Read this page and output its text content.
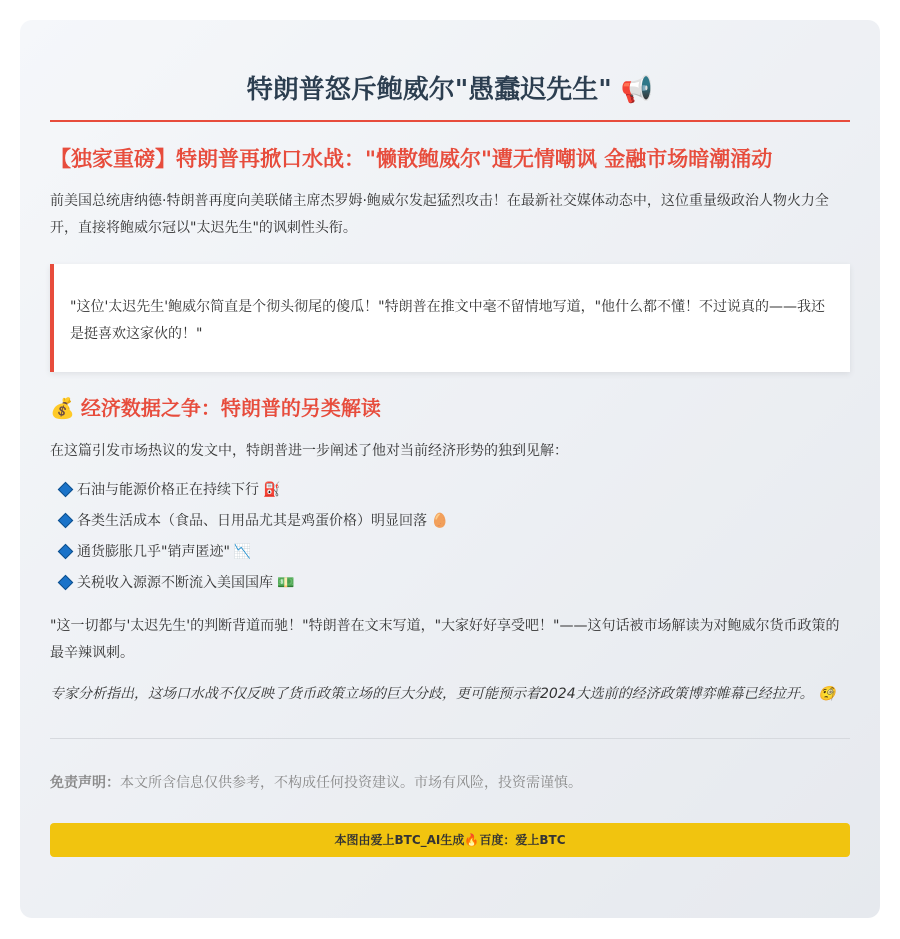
特朗普怒斥鲍威尔"愚蠢迟先生" 📢
【独家重磅】特朗普再掀口水战："懒散鲍威尔"遭无情嘲讽 金融市场暗潮涌动

前美国总统唐纳德·特朗普再度向美联储主席杰罗姆·鲍威尔发起猛烈攻击！在最新社交媒体动态中，这位重量级政治人物火力全开，直接将鲍威尔冠以"太迟先生"的讽刺性头衔。

"这位'太迟先生'鲍威尔简直是个彻头彻尾的傻瓜！"特朗普在推文中毫不留情地写道，"他什么都不懂！不过说真的——我还是挺喜欢这家伙的！"
💰 经济数据之争：特朗普的另类解读

在这篇引发市场热议的发文中，特朗普进一步阐述了他对当前经济形势的独到见解：

石油与能源价格正在持续下行 ⛽
各类生活成本（食品、日用品尤其是鸡蛋价格）明显回落 🥚
通货膨胀几乎"销声匿迹" 📉
关税收入源源不断流入美国国库 💵

"这一切都与'太迟先生'的判断背道而驰！"特朗普在文末写道，"大家好好享受吧！"——这句话被市场解读为对鲍威尔货币政策的最辛辣讽刺。

专家分析指出，这场口水战不仅反映了货币政策立场的巨大分歧，更可能预示着2024大选前的经济政策博弈帷幕已经拉开。 🧐

免责声明：本文所含信息仅供参考，不构成任何投资建议。市场有风险，投资需谨慎。
本图由爱上BTC_AI生成🔥百度：爱上BTC
